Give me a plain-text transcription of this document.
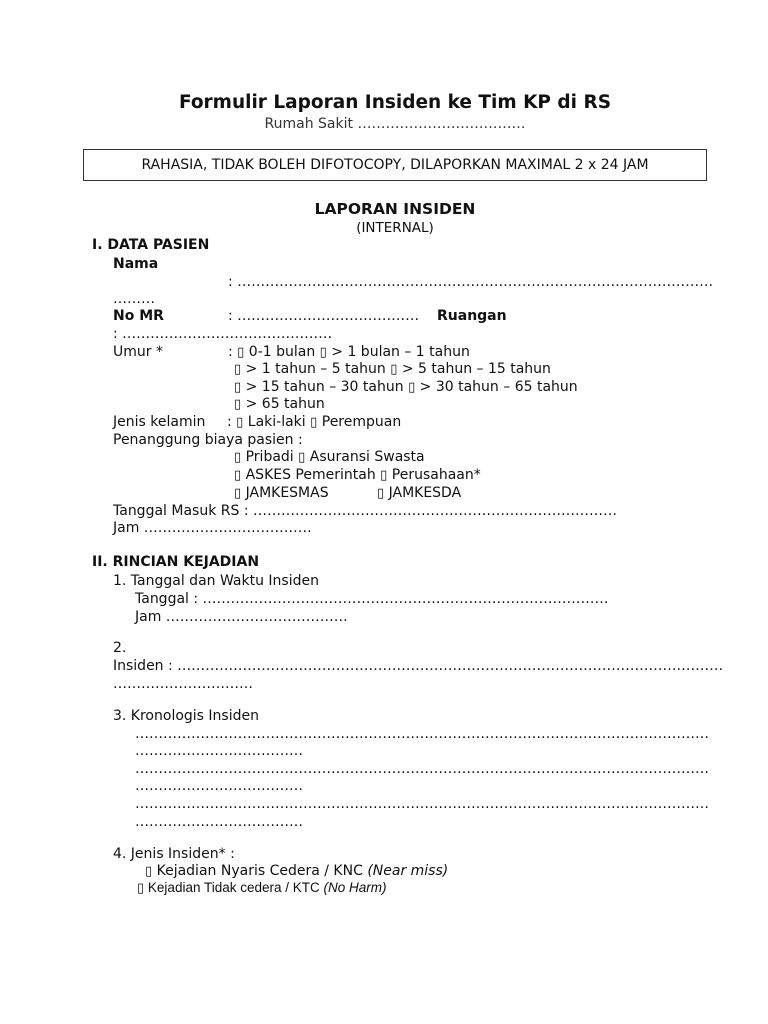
Formulir Laporan Insiden ke Tim KP di RS
Rumah Sakit ………………………………
RAHASIA, TIDAK BOLEH DIFOTOCOPY, DILAPORKAN MAXIMAL 2 x 24 JAM
LAPORAN INSIDEN
(INTERNAL)
I. DATA PASIEN
Nama
: …………………………………………………………………………………………
………
No MR	: ………………………………… Ruangan
: ………………………………………
Umur *	: ▯ 0-1 bulan ▯ > 1 bulan – 1 tahun
▯ > 1 tahun – 5 tahun ▯ > 5 tahun – 15 tahun
▯ > 15 tahun – 30 tahun ▯ > 30 tahun – 65 tahun
▯ > 65 tahun
Jenis kelamin : ▯ Laki-laki ▯ Perempuan
Penanggung biaya pasien :
▯ Pribadi ▯ Asuransi Swasta
▯ ASKES Pemerintah ▯ Perusahaan*
▯ JAMKESMAS	▯ JAMKESDA
Tanggal Masuk RS : ……………………………………………………………………
Jam ………………………………
II. RINCIAN KEJADIAN
1. Tanggal dan Waktu Insiden
Tanggal : ……………………………………………………………………………
Jam …………………………………
2.
Insiden : ………………………………………………………………………………………………………
…………………………
3. Kronologis Insiden
……………………………………………………………………………………………………………
………………………………
……………………………………………………………………………………………………………
………………………………
……………………………………………………………………………………………………………
………………………………
4. Jenis Insiden* :
▯ Kejadian Nyaris Cedera / KNC (Near miss)
▯ Kejadian Tidak cedera / KTC (No Harm)
